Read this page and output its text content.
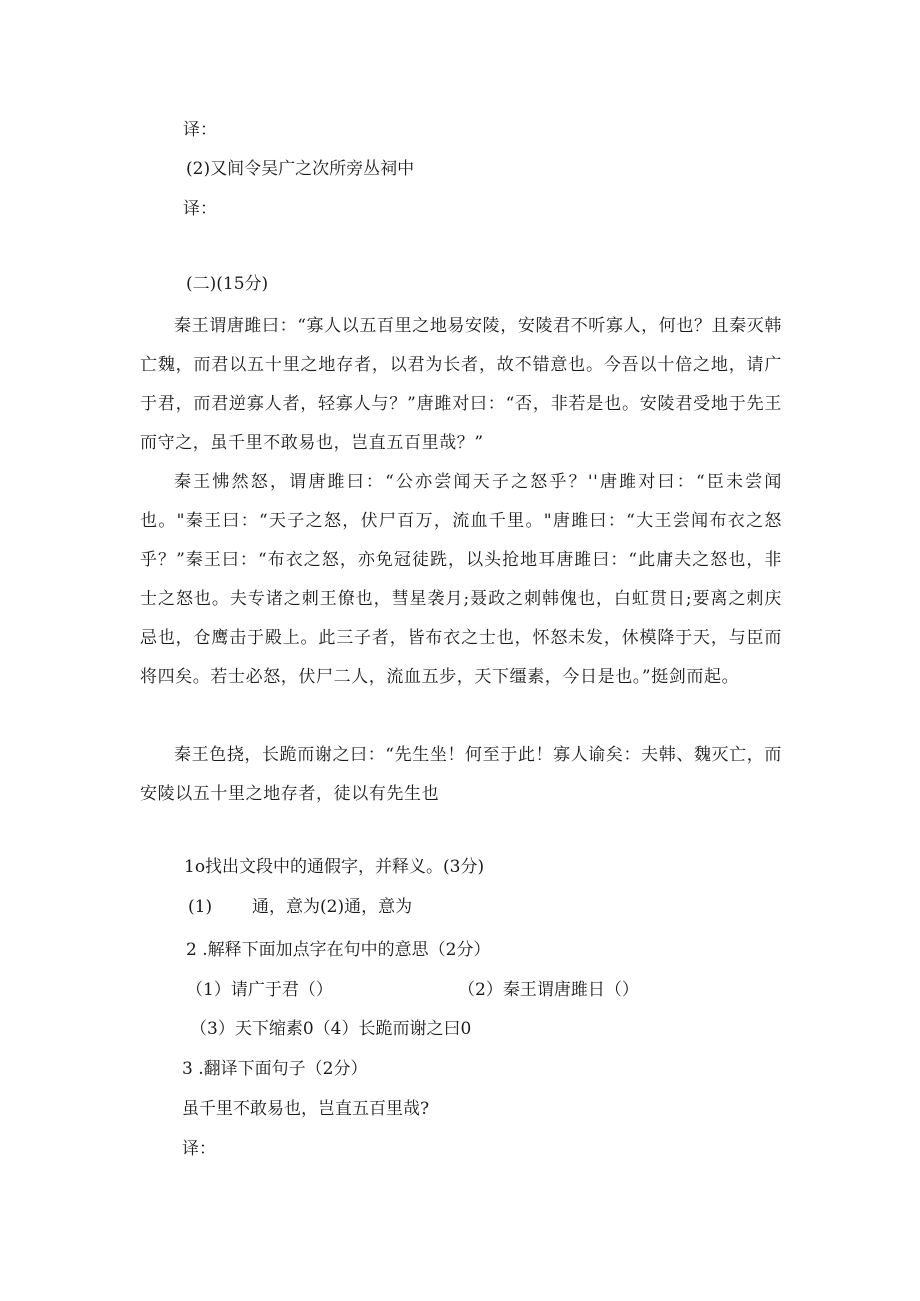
译：
(2)又间令吴广之次所旁丛祠中
译：
(二)(15分)
秦王谓唐雎曰：“寡人以五百里之地易安陵，安陵君不听寡人，何也？且秦灭韩亡魏，而君以五十里之地存者，以君为长者，故不错意也。今吾以十倍之地，请广于君，而君逆寡人者，轻寡人与？”唐雎对曰：“否，非若是也。安陵君受地于先王而守之，虽千里不敢易也，岂直五百里哉？”
秦王怫然怒，谓唐雎曰：“公亦尝闻天子之怒乎？''唐雎对曰：“臣未尝闻也。"秦王曰：“天子之怒，伏尸百万，流血千里。"唐雎曰：“大王尝闻布衣之怒乎？”秦王曰：“布衣之怒，亦免冠徒跣，以头抢地耳唐雎曰：“此庸夫之怒也，非士之怒也。夫专诸之刺王僚也，彗星袭月;聂政之刺韩傀也，白虹贯日;要离之刺庆忌也，仓鹰击于殿上。此三子者，皆布衣之士也，怀怒未发，休模降于天，与臣而将四矣。若士必怒，伏尸二人，流血五步，天下缰素，今日是也。”挺剑而起。
秦王色挠，长跪而谢之曰：“先生坐！何至于此！寡人谕矣：夫韩、魏灭亡，而安陵以五十里之地存者，徒以有先生也
1o找出文段中的通假字，并释义。(3分)
(1) 通，意为(2)通，意为
2 .解释下面加点字在句中的意思（2分）
（1）请广于君（）	（2）秦王谓唐雎日（）
（3）天下缩素0（4）长跪而谢之曰0
3 .翻译下面句子（2分）
虽千里不敢易也，岂直五百里哉?
译：
